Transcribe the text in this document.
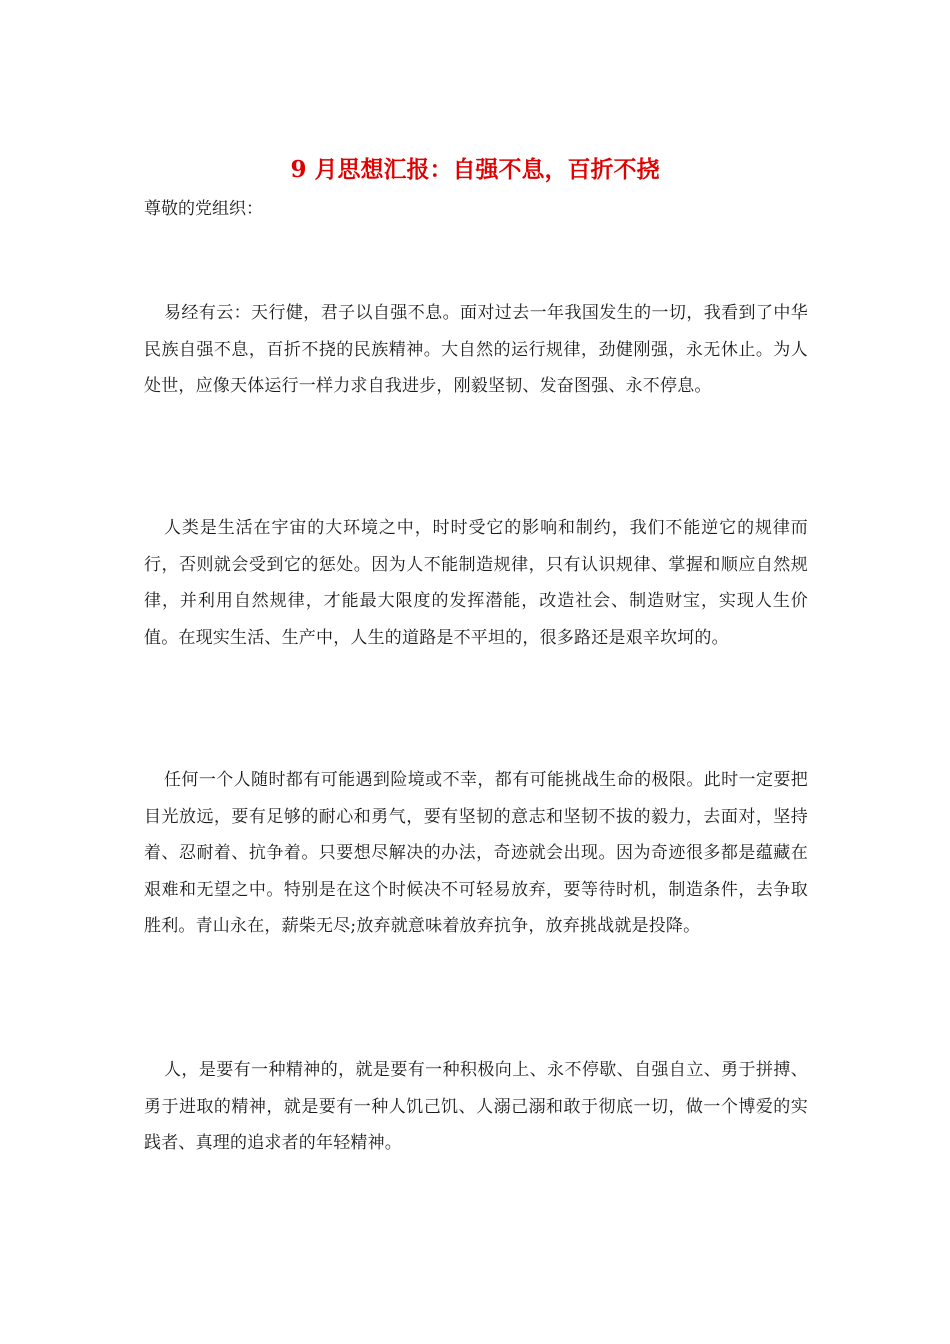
9 月思想汇报：自强不息，百折不挠

尊敬的党组织：

易经有云：天行健，君子以自强不息。面对过去一年我国发生的一切，我看到了中华民族自强不息，百折不挠的民族精神。大自然的运行规律，劲健刚强，永无休止。为人处世，应像天体运行一样力求自我进步，刚毅坚韧、发奋图强、永不停息。

人类是生活在宇宙的大环境之中，时时受它的影响和制约，我们不能逆它的规律而行，否则就会受到它的惩处。因为人不能制造规律，只有认识规律、掌握和顺应自然规律，并利用自然规律，才能最大限度的发挥潜能，改造社会、制造财宝，实现人生价值。在现实生活、生产中，人生的道路是不平坦的，很多路还是艰辛坎坷的。

任何一个人随时都有可能遇到险境或不幸，都有可能挑战生命的极限。此时一定要把目光放远，要有足够的耐心和勇气，要有坚韧的意志和坚韧不拔的毅力，去面对，坚持着、忍耐着、抗争着。只要想尽解决的办法，奇迹就会出现。因为奇迹很多都是蕴藏在艰难和无望之中。特别是在这个时候决不可轻易放弃，要等待时机，制造条件，去争取胜利。青山永在，薪柴无尽;放弃就意味着放弃抗争，放弃挑战就是投降。

人，是要有一种精神的，就是要有一种积极向上、永不停歇、自强自立、勇于拼搏、勇于进取的精神，就是要有一种人饥己饥、人溺己溺和敢于彻底一切，做一个博爱的实践者、真理的追求者的年轻精神。
